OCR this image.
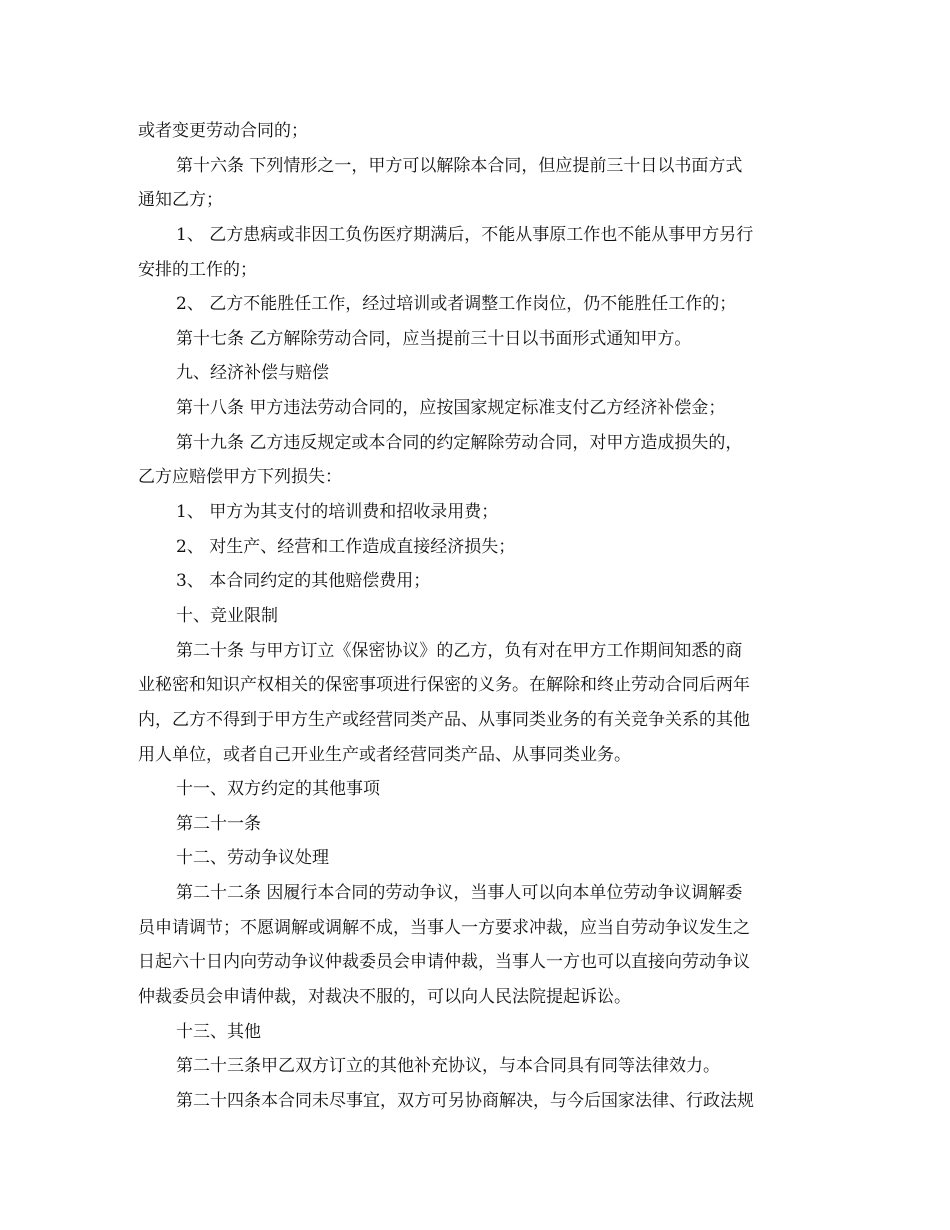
或者变更劳动合同的；
第十六条 下列情形之一，甲方可以解除本合同，但应提前三十日以书面方式
通知乙方；
1、 乙方患病或非因工负伤医疗期满后，不能从事原工作也不能从事甲方另行
安排的工作的；
2、 乙方不能胜任工作，经过培训或者调整工作岗位，仍不能胜任工作的；
第十七条 乙方解除劳动合同，应当提前三十日以书面形式通知甲方。
九、经济补偿与赔偿
第十八条 甲方违法劳动合同的，应按国家规定标准支付乙方经济补偿金；
第十九条 乙方违反规定或本合同的约定解除劳动合同，对甲方造成损失的，
乙方应赔偿甲方下列损失：
1、 甲方为其支付的培训费和招收录用费；
2、 对生产、经营和工作造成直接经济损失；
3、 本合同约定的其他赔偿费用；
十、竞业限制
第二十条 与甲方订立《保密协议》的乙方，负有对在甲方工作期间知悉的商
业秘密和知识产权相关的保密事项进行保密的义务。在解除和终止劳动合同后两年
内，乙方不得到于甲方生产或经营同类产品、从事同类业务的有关竞争关系的其他
用人单位，或者自己开业生产或者经营同类产品、从事同类业务。
十一、双方约定的其他事项
第二十一条
十二、劳动争议处理
第二十二条 因履行本合同的劳动争议，当事人可以向本单位劳动争议调解委
员申请调节；不愿调解或调解不成，当事人一方要求冲裁，应当自劳动争议发生之
日起六十日内向劳动争议仲裁委员会申请仲裁，当事人一方也可以直接向劳动争议
仲裁委员会申请仲裁，对裁决不服的，可以向人民法院提起诉讼。
十三、其他
第二十三条甲乙双方订立的其他补充协议，与本合同具有同等法律效力。
第二十四条本合同未尽事宜，双方可另协商解决，与今后国家法律、行政法规
